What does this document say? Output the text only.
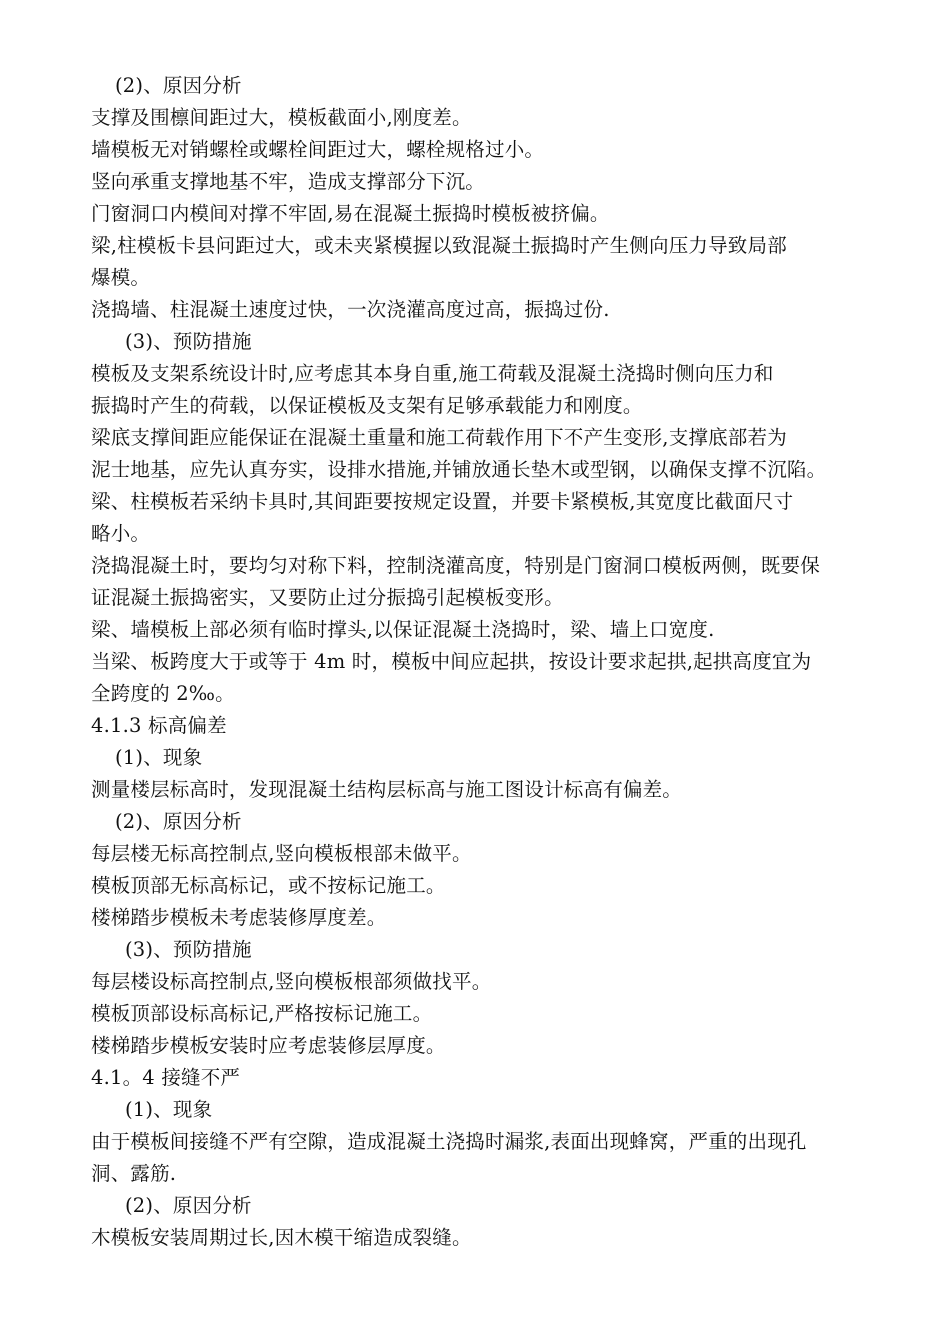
(2)、原因分析
支撑及围檩间距过大，模板截面小,刚度差。
墙模板无对销螺栓或螺栓间距过大，螺栓规格过小。
竖向承重支撑地基不牢，造成支撑部分下沉。
门窗洞口内模间对撑不牢固,易在混凝土振捣时模板被挤偏。
梁,柱模板卡县问距过大，或未夹紧模握以致混凝土振捣时产生侧向压力导致局部
爆模。
浇捣墙、柱混凝土速度过快，一次浇灌高度过高，振捣过份.
(3)、预防措施
模板及支架系统设计时,应考虑其本身自重,施工荷载及混凝土浇捣时侧向压力和
振捣时产生的荷载，以保证模板及支架有足够承载能力和刚度。
梁底支撑间距应能保证在混凝土重量和施工荷载作用下不产生变形,支撑底部若为
泥士地基，应先认真夯实，设排水措施,并铺放通长垫木或型钢，以确保支撑不沉陷。
梁、柱模板若采纳卡具时,其间距要按规定设置，并要卡紧模板,其宽度比截面尺寸
略小。
浇捣混凝土时，要均匀对称下料，控制浇灌高度，特别是门窗洞口模板两侧，既要保
证混凝土振捣密实，又要防止过分振捣引起模板变形。
梁、墙模板上部必须有临时撑头,以保证混凝土浇捣时，梁、墙上口宽度.
当梁、板跨度大于或等于 4m 时，模板中间应起拱，按设计要求起拱,起拱高度宜为
全跨度的 2‰。
4.1.3 标高偏差
(1)、现象
测量楼层标高时，发现混凝土结构层标高与施工图设计标高有偏差。
(2)、原因分析
每层楼无标高控制点,竖向模板根部未做平。
模板顶部无标高标记，或不按标记施工。
楼梯踏步模板未考虑装修厚度差。
(3)、预防措施
每层楼设标高控制点,竖向模板根部须做找平。
模板顶部设标高标记,严格按标记施工。
楼梯踏步模板安装时应考虑装修层厚度。
4.1。4 接缝不严
(1)、现象
由于模板间接缝不严有空隙，造成混凝土浇捣时漏浆,表面出现蜂窝，严重的出现孔
洞、露筋.
(2)、原因分析
木模板安装周期过长,因木模干缩造成裂缝。
